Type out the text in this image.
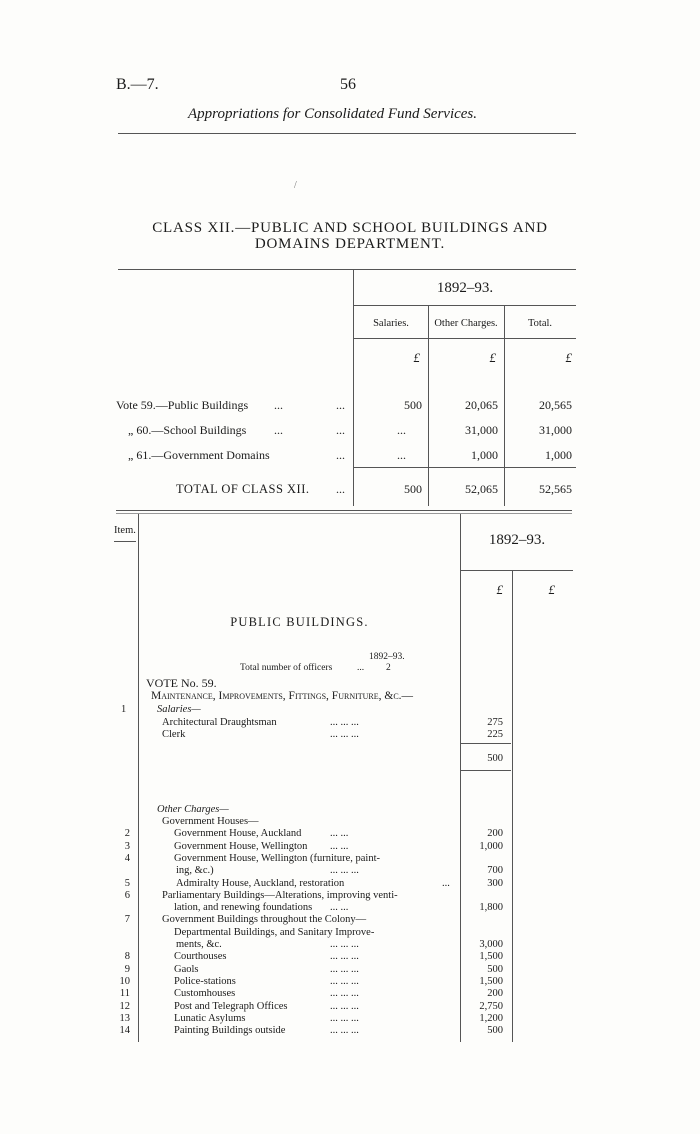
B.—7.	56
Appropriations for Consolidated Fund Services.
CLASS XII.—PUBLIC AND SCHOOL BUILDINGS AND
DOMAINS DEPARTMENT.
1892–93.
Salaries.	Other Charges.	Total.
£	£	£
Vote 59.—Public Buildings ...	...	500	20,065	20,565
„ 60.—School Buildings ...	...	...	31,000	31,000
„ 61.—Government Domains	...	...	1,000	1,000
TOTAL OF CLASS XII. ...	500	52,065	52,565
Item.
1892–93.
£	£
PUBLIC BUILDINGS.
1892–93.
Total number of officers	... 2
VOTE No. 59.
Maintenance, Improvements, Fittings, Furniture, &c.—
1	Salaries—
Architectural Draughtsman	... ... ...	275
Clerk	... ... ...	225
500
Other Charges—
Government Houses—
2	Government House, Auckland	... ...	200
3	Government House, Wellington ... ...	1,000
4	Government House, Wellington (furniture, paint-
ing, &c.)	... ... ...	700
5	Admiralty House, Auckland, restoration	...	300
6	Parliamentary Buildings—Alterations, improving venti-
lation, and renewing foundations ... ...	1,800
7	Government Buildings throughout the Colony—
Departmental Buildings, and Sanitary Improve-
ments, &c.	... ... ...	3,000
8	Courthouses	... ... ...	1,500
9	Gaols	... ... ...	500
10	Police-stations	... ... ...	1,500
11	Customhouses	... ... ...	200
12	Post and Telegraph Offices	... ... ...	2,750
13	Lunatic Asylums	... ... ...	1,200
14	Painting Buildings outside	... ... ...	500
/
